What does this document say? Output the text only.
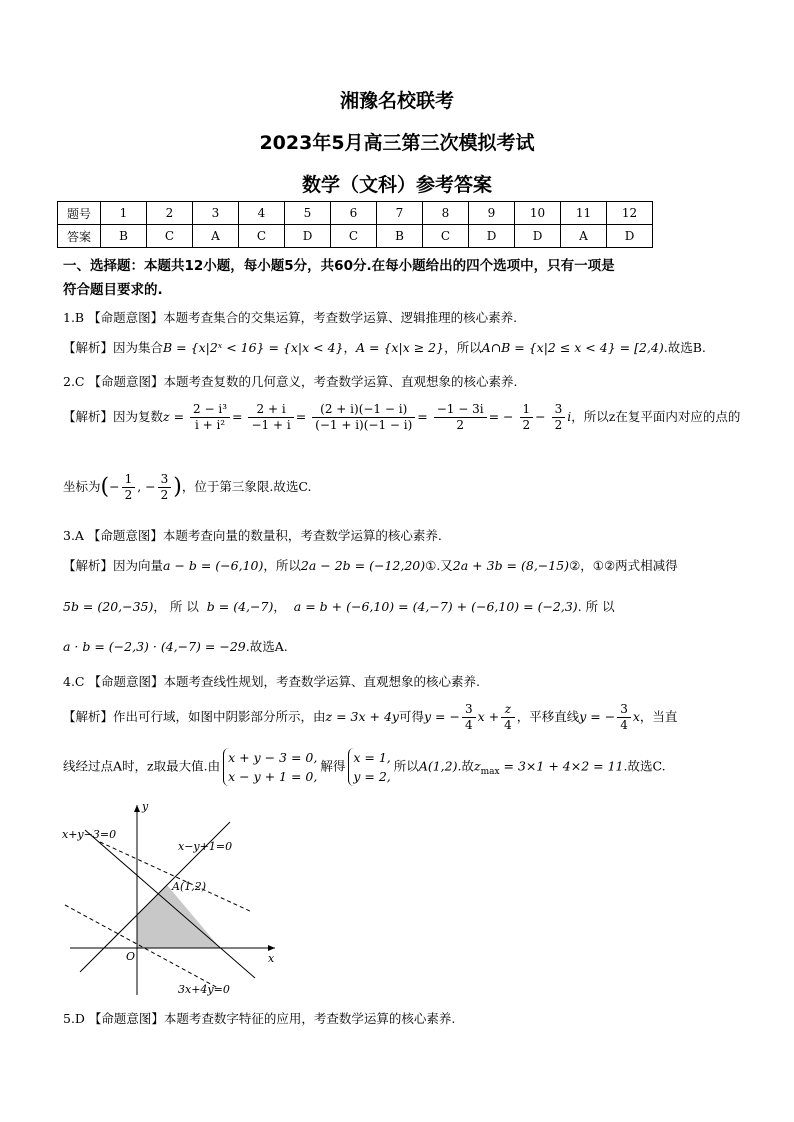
湘豫名校联考
2023年5月高三第三次模拟考试
数学（文科）参考答案
题号	1	2	3	4	5	6	7	8	9	10	11	12
答案	B	C	A	C	D	C	B	C	D	D	A	D
一、选择题：本题共12小题，每小题5分，共60分.在每小题给出的四个选项中，只有一项是
符合题目要求的.
1.B 【命题意图】本题考查集合的交集运算，考查数学运算、逻辑推理的核心素养.
【解析】因为集合B = {x|2ˣ < 16} = {x|x < 4}，A = {x|x ≥ 2}，所以A∩B = {x|2 ≤ x < 4} = [2,4).故选B.
2.C 【命题意图】本题考查复数的几何意义，考查数学运算、直观想象的核心素养.
【解析】因为复数$z = \frac{\text{2 − i³}}{\text{i + i²}} = \frac{2 + i}{-1 + i} = \frac{(2 + i)(-1 - i)}{(-1 + i)(-1 - i)} = \frac{-1 - 3i}{2}$ = − $\frac{1}{2} - \frac{3}{2}$ i，所以z在复平面内对应的点的
坐标为(− $\frac{1}{2}$ , − $\frac{3}{2}$ )，位于第三象限.故选C.
3.A 【命题意图】本题考查向量的数量积，考查数学运算的核心素养.
【解析】因为向量a − b = (−6,10)，所以2a − 2b = (−12,20)①.又2a + 3b = (8,−15)②，①②两式相减得
5b = (20,−35)， 所 以 b = (4,−7)， a = b + (−6,10) = (4,−7) + (−6,10) = (−2,3). 所 以
a · b = (−2,3) · (4,−7) = −29.故选A.
4.C 【命题意图】本题考查线性规划，考查数学运算、直观想象的核心素养.
【解析】作出可行域，如图中阴影部分所示，由z = 3x + 4y可得y = − $\frac{3}{4}$ $x + \frac{z}{4}$ ，平移直线y = − $\frac{3}{4}$ x，当直
线经过点A时，z取最大值.由x + y − 3 = 0,
x − y + 1 = 0,解得x = 1,
y = 2,所以A(1,2).故$z_{max} = 3\times 1 + 4\times 2 = 11$.故选C.
x+y−3=0
x−y+1=0
A(1,2)
O	x
y
3x+4y=0
5.D 【命题意图】本题考查数字特征的应用，考查数学运算的核心素养.
